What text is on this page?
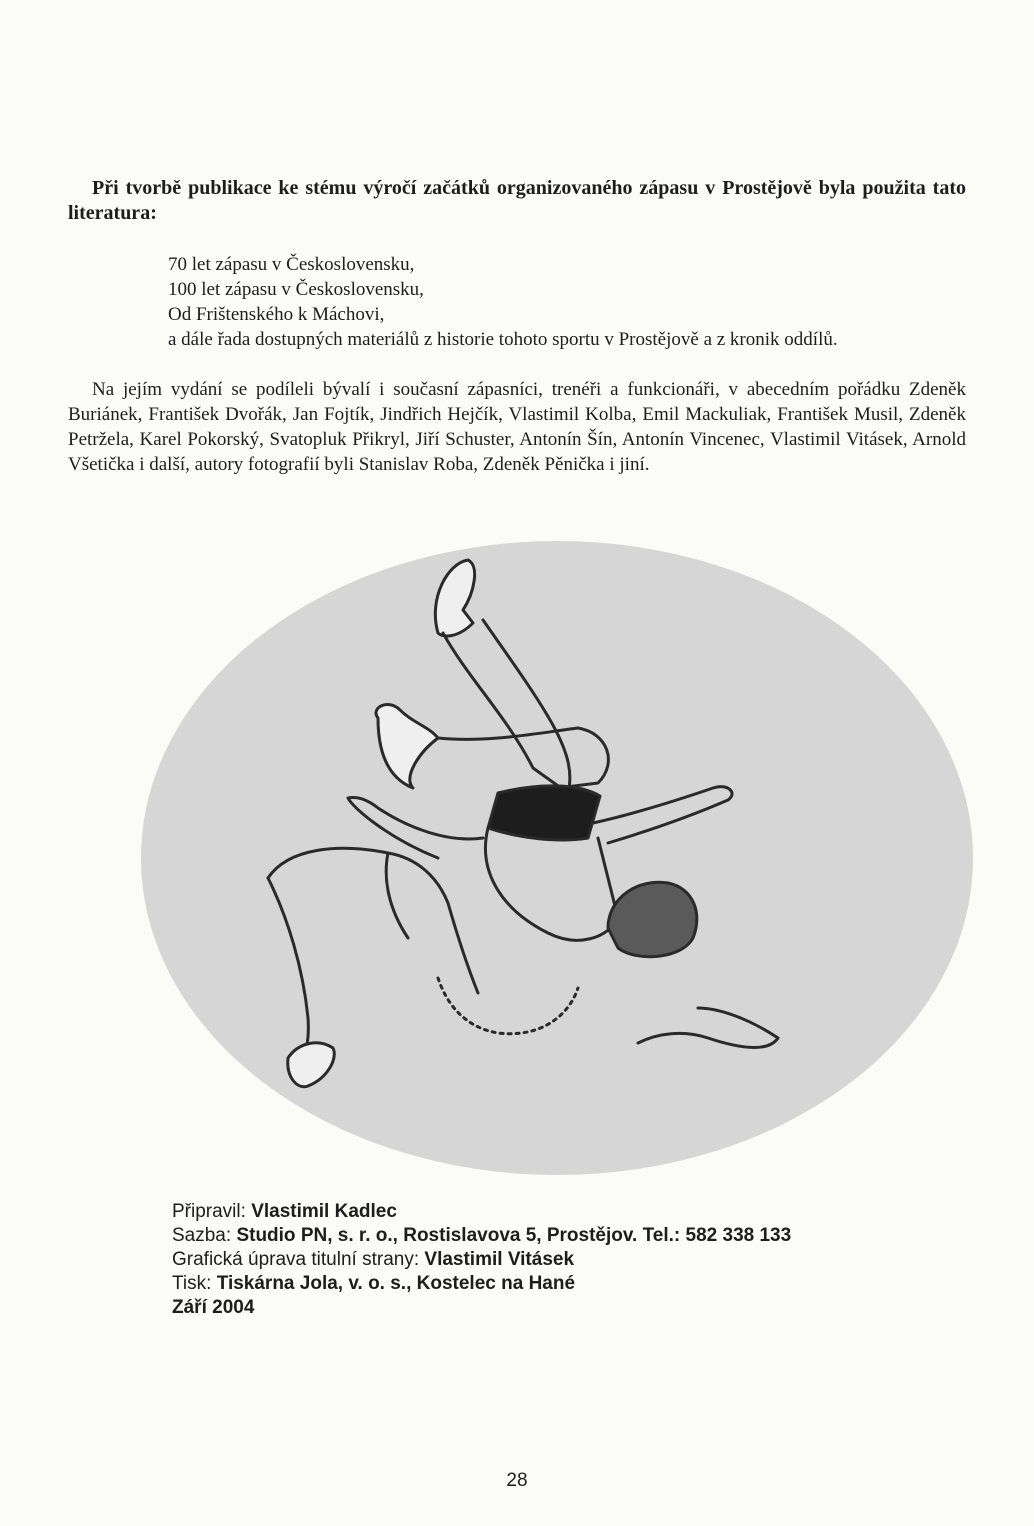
Při tvorbě publikace ke stému výročí začátků organizovaného zápasu v Prostějově byla použita tato literatura:

70 let zápasu v Československu,
100 let zápasu v Československu,
Od Frištenského k Máchovi,
a dále řada dostupných materiálů z historie tohoto sportu v Prostějově a z kronik oddílů.

Na jejím vydání se podíleli bývalí i současní zápasníci, trenéři a funkcionáři, v abecedním pořádku Zdeněk Buriánek, František Dvořák, Jan Fojtík, Jindřich Hejčík, Vlastimil Kolba, Emil Mackuliak, František Musil, Zdeněk Petržela, Karel Pokorský, Svatopluk Přikryl, Jiří Schuster, Antonín Šín, Antonín Vincenec, Vlastimil Vitásek, Arnold Všetička i další, autory fotografií byli Stanislav Roba, Zdeněk Pěnička i jiní.

Připravil: Vlastimil Kadlec
Sazba: Studio PN, s. r. o., Rostislavova 5, Prostějov. Tel.: 582 338 133
Grafická úprava titulní strany: Vlastimil Vitásek
Tisk: Tiskárna Jola, v. o. s., Kostelec na Hané
Září 2004
28
